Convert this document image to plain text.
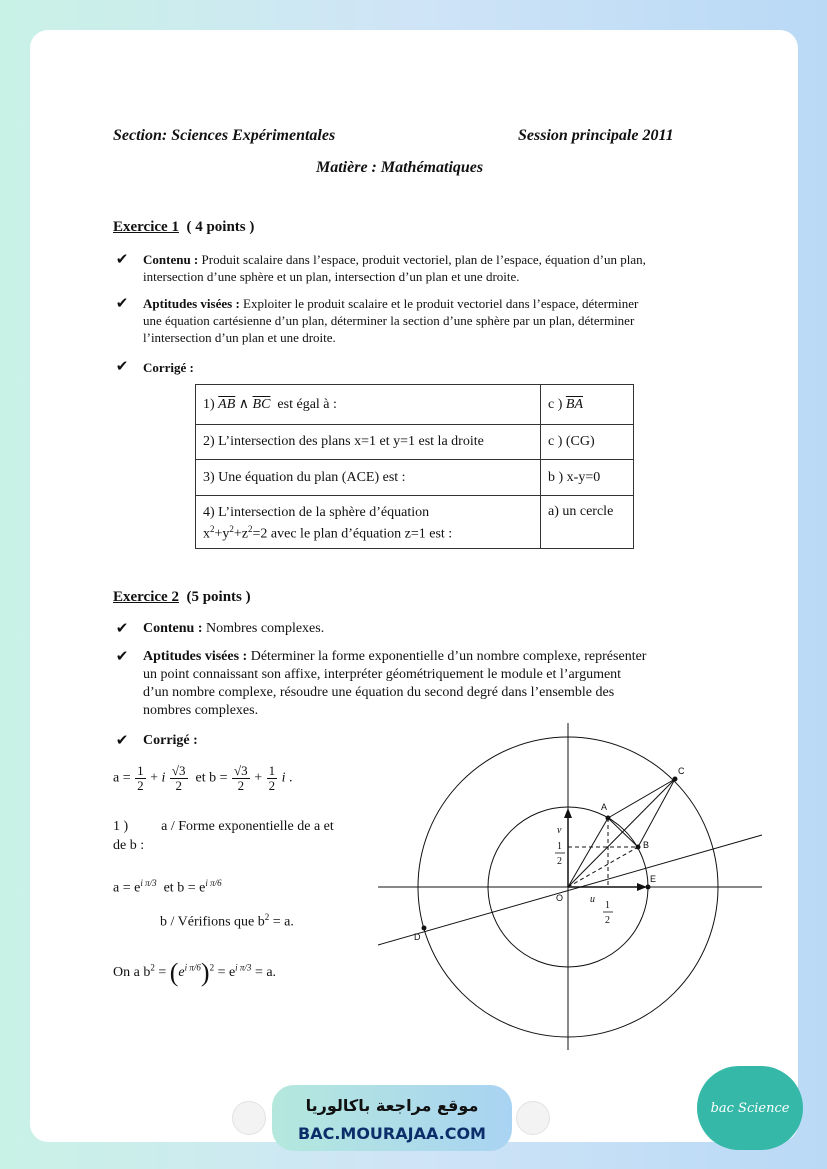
Section: Sciences Expérimentales	Session principale 2011
Matière : Mathématiques
Exercice 1 ( 4 points )
✔ Contenu : Produit scalaire dans l’espace, produit vectoriel, plan de l’espace, équation d’un plan,
intersection d’une sphère et un plan, intersection d’un plan et une droite.
✔ Aptitudes visées : Exploiter le produit scalaire et le produit vectoriel dans l’espace, déterminer
une équation cartésienne d’un plan, déterminer la section d’une sphère par un plan, déterminer
l’intersection d’un plan et une droite.
✔ Corrigé :
1) $\overline{AB}$ ∧ $\overline{BC}$ est égal à :	c ) $\overline{BA}$
2) L’intersection des plans x=1 et y=1 est la droite	c ) (CG)
3) Une équation du plan (ACE) est :	b ) x-y=0
4) L’intersection de la sphère d’équation
$x^2+y^2+z^2=2$ avec le plan d’équation z=1 est :	a) un cercle
Exercice 2 (5 points )
✔ Contenu : Nombres complexes.
✔ Aptitudes visées : Déterminer la forme exponentielle d’un nombre complexe, représenter
un point connaissant son affixe, interpréter géométriquement le module et l’argument
d’un nombre complexe, résoudre une équation du second degré dans l’ensemble des
nombres complexes.
✔ Corrigé :
$a = \frac{1}{2} + i \frac{√3}{2}$ et $b = \frac{√3}{2} + \frac{1}{2}$ i .
1 ) a / Forme exponentielle de a et
de b :
$a = e^{i \pi/3}$ et $b = e^{i \pi/6}$
b / Vérifions que $b^2 = a$.
On a $b^2 = (e^{i \pi/6})^2 = e^{i \pi/3} = a$.
A
B
C
D
E
O
v
u
1
2
1
2
موقع مراجعة باكالوريا
BAC.MOURAJAA.COM
bac Science
